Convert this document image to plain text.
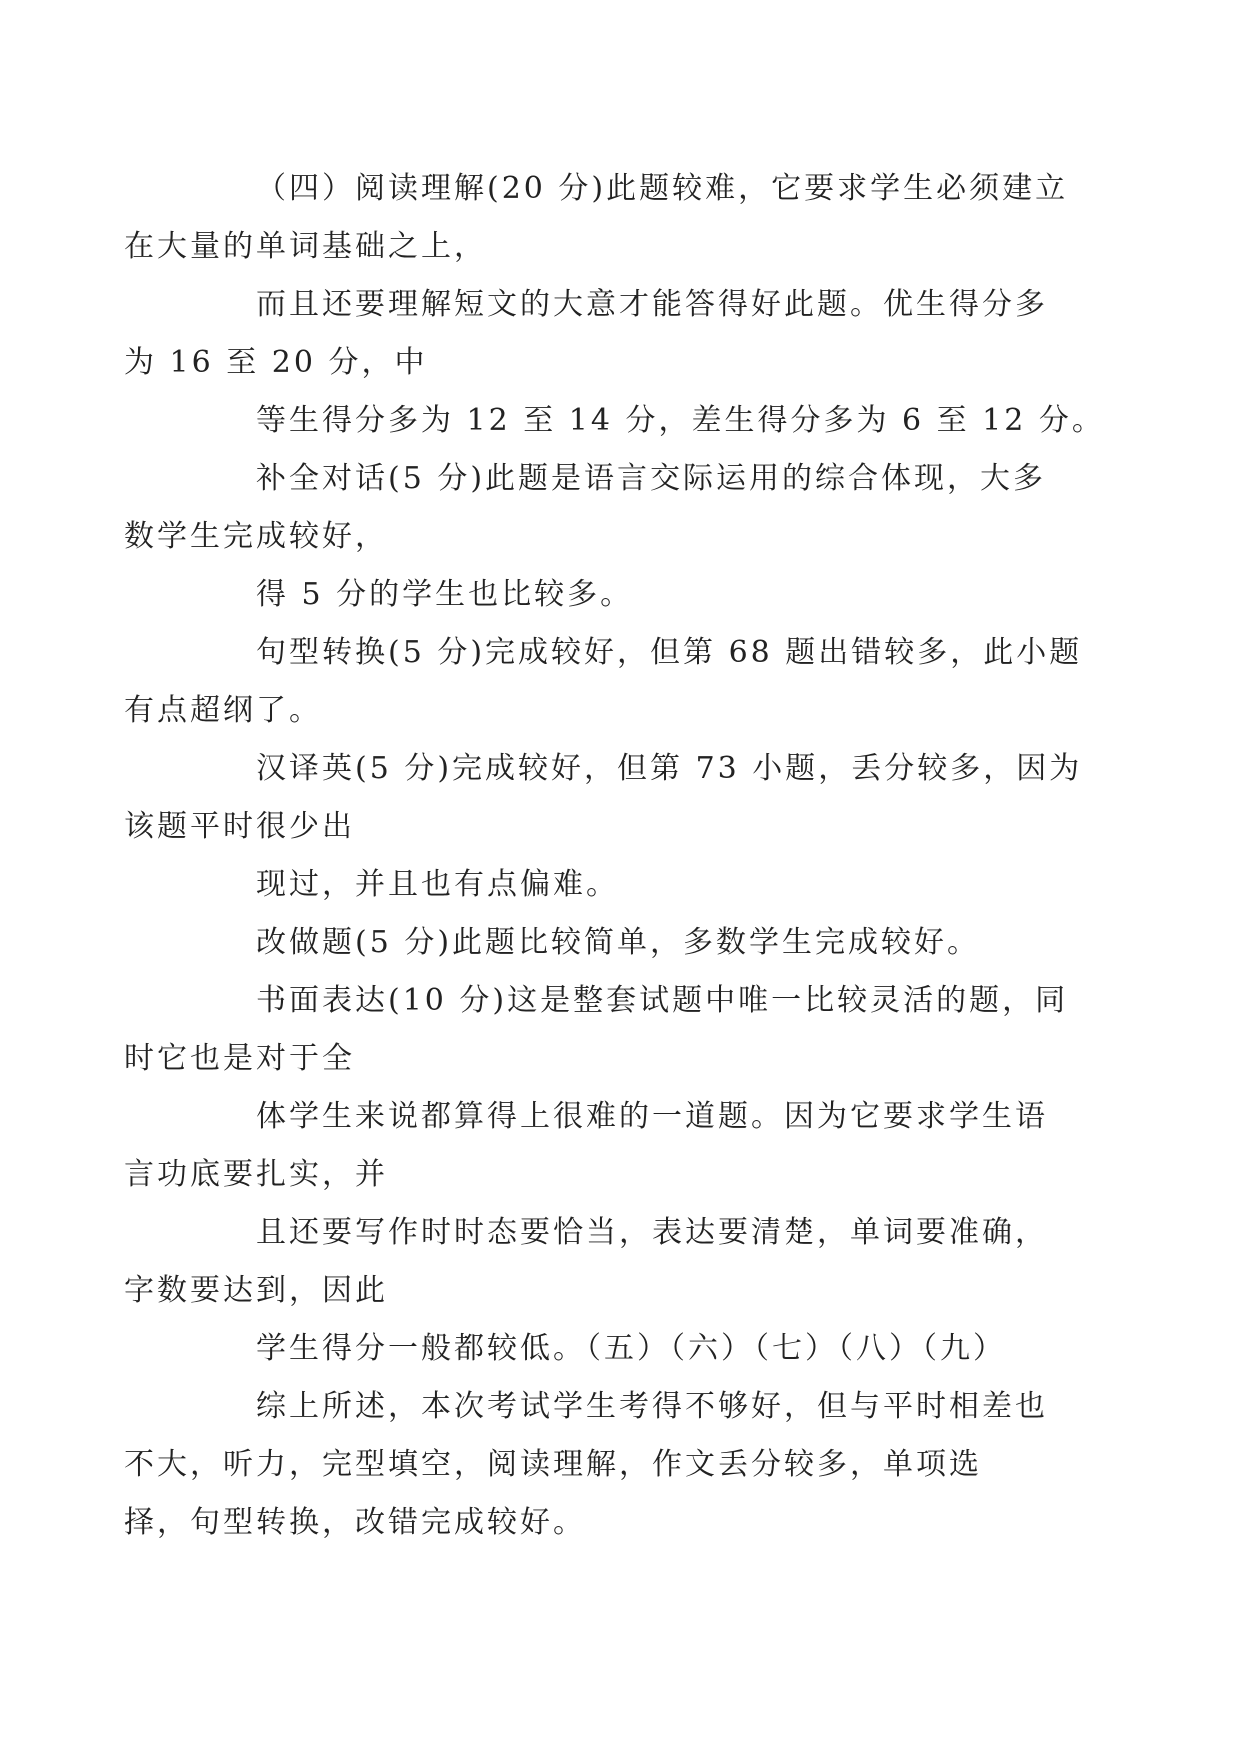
（四）阅读理解(20 分)此题较难，它要求学生必须建立
在大量的单词基础之上，

而且还要理解短文的大意才能答得好此题。优生得分多
为 16 至 20 分，中

等生得分多为 12 至 14 分，差生得分多为 6 至 12 分。

补全对话(5 分)此题是语言交际运用的综合体现，大多
数学生完成较好，

得 5 分的学生也比较多。

句型转换(5 分)完成较好，但第 68 题出错较多，此小题
有点超纲了。

汉译英(5 分)完成较好，但第 73 小题，丢分较多，因为
该题平时很少出

现过，并且也有点偏难。

改做题(5 分)此题比较简单，多数学生完成较好。

书面表达(10 分)这是整套试题中唯一比较灵活的题，同
时它也是对于全

体学生来说都算得上很难的一道题。因为它要求学生语
言功底要扎实，并

且还要写作时时态要恰当，表达要清楚，单词要准确，
字数要达到，因此

学生得分一般都较低。（五）（六）（七）（八）（九）

综上所述，本次考试学生考得不够好，但与平时相差也
不大，听力，完型填空，阅读理解，作文丢分较多，单项选
择，句型转换，改错完成较好。
